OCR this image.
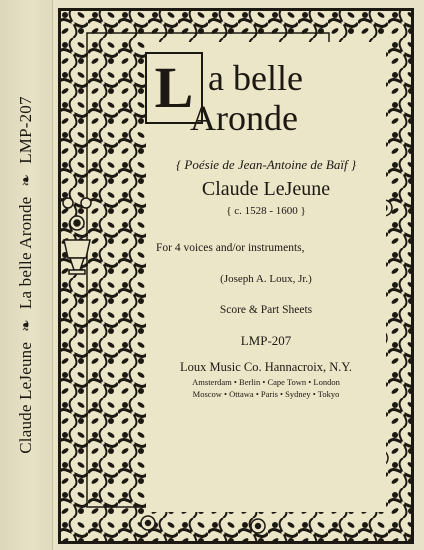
Claude LeJeune
❧
La belle Aronde
❧
LMP-207
L a belle
Aronde
{ Poésie de Jean-Antoine de Baïf }
Claude LeJeune
{ c. 1528 - 1600 }
For 4 voices and/or instruments,
(Joseph A. Loux, Jr.)
Score & Part Sheets
LMP-207
Loux Music Co. Hannacroix, N.Y.
Amsterdam • Berlin • Cape Town • London
Moscow • Ottawa • Paris • Sydney • Tokyo
